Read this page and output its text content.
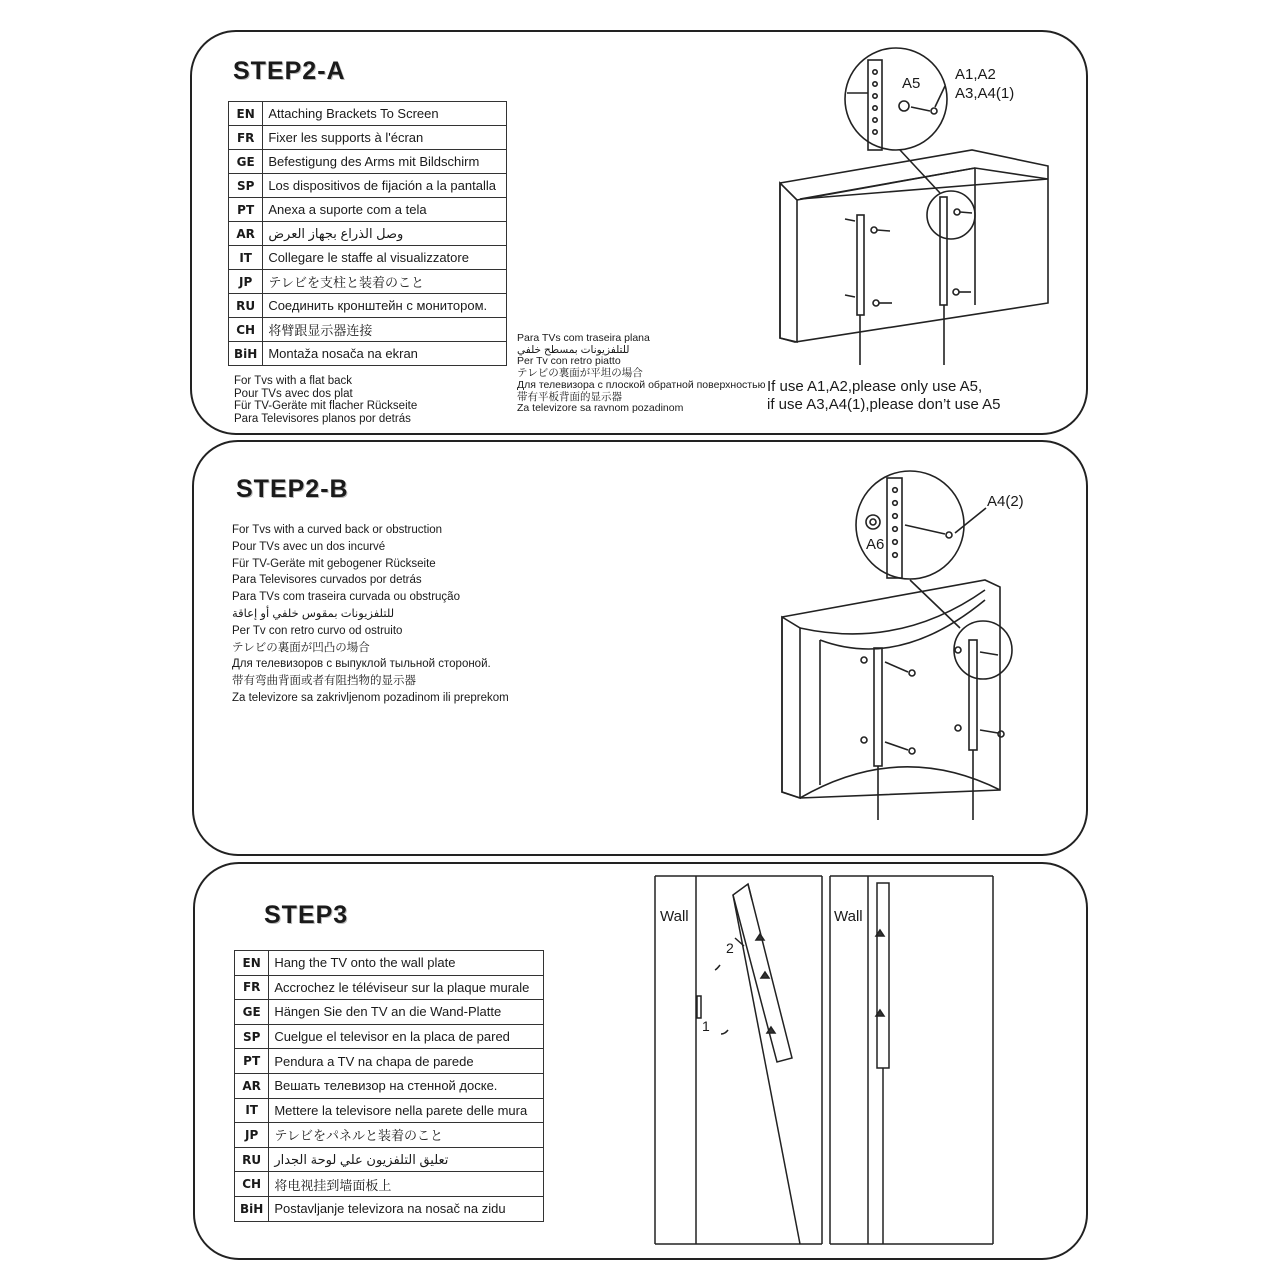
STEP2-A
EN	Attaching Brackets To Screen
FR	Fixer les supports à l'écran
GE	Befestigung des Arms mit Bildschirm
SP	Los dispositivos de fijación a la pantalla
PT	Anexa a suporte com a tela
AR	وصل الذراع بجهاز العرض
IT	Collegare le staffe al visualizzatore
JP	テレビを支柱と装着のこと
RU	Соединить кронштейн с монитором.
CH	将臂跟显示器连接
BiH	Montaža nosača na ekran
For Tvs with a flat back
Pour TVs avec dos plat
Für TV-Geräte mit flacher Rückseite
Para Televisores planos por detrás
Para TVs com traseira plana
للتلفزيونات بمسطح خلفي
Per Tv con retro piatto
テレビの裏面が平坦の場合
Для телевизора с плоской обратной поверхностью
带有平板背面的显示器
Za televizore sa ravnom pozadinom
If use A1,A2,please only use A5,
if use A3,A4(1),please don’t use A5
A5
A1,A2
A3,A4(1)
STEP2-B
For Tvs with a curved back or obstruction
Pour TVs avec un dos incurvé
Für TV-Geräte mit gebogener Rückseite
Para Televisores curvados por detrás
Para TVs com traseira curvada ou obstrução
للتلفزيونات بمقوس خلفي أو إعاقة
Per Tv con retro curvo od ostruito
テレビの裏面が凹凸の場合
Для телевизоров с выпуклой тыльной стороной.
带有弯曲背面或者有阻挡物的显示器
Za televizore sa zakrivljenom pozadinom ili preprekom
A4(2)
A6
STEP3
EN	Hang the TV onto the wall plate
FR	Accrochez le téléviseur sur la plaque murale
GE	Hängen Sie den TV an die Wand-Platte
SP	Cuelgue el televisor en la placa de pared
PT	Pendura a TV na chapa de parede
AR	Вешать телевизор на стенной доске.
IT	Mettere la televisore nella parete delle mura
JP	テレビをパネルと装着のこと
RU	تعليق التلفزيون علي لوحة الجدار
CH	将电视挂到墙面板上
BiH	Postavljanje televizora na nosač na zidu
Wall	Wall
2
1
